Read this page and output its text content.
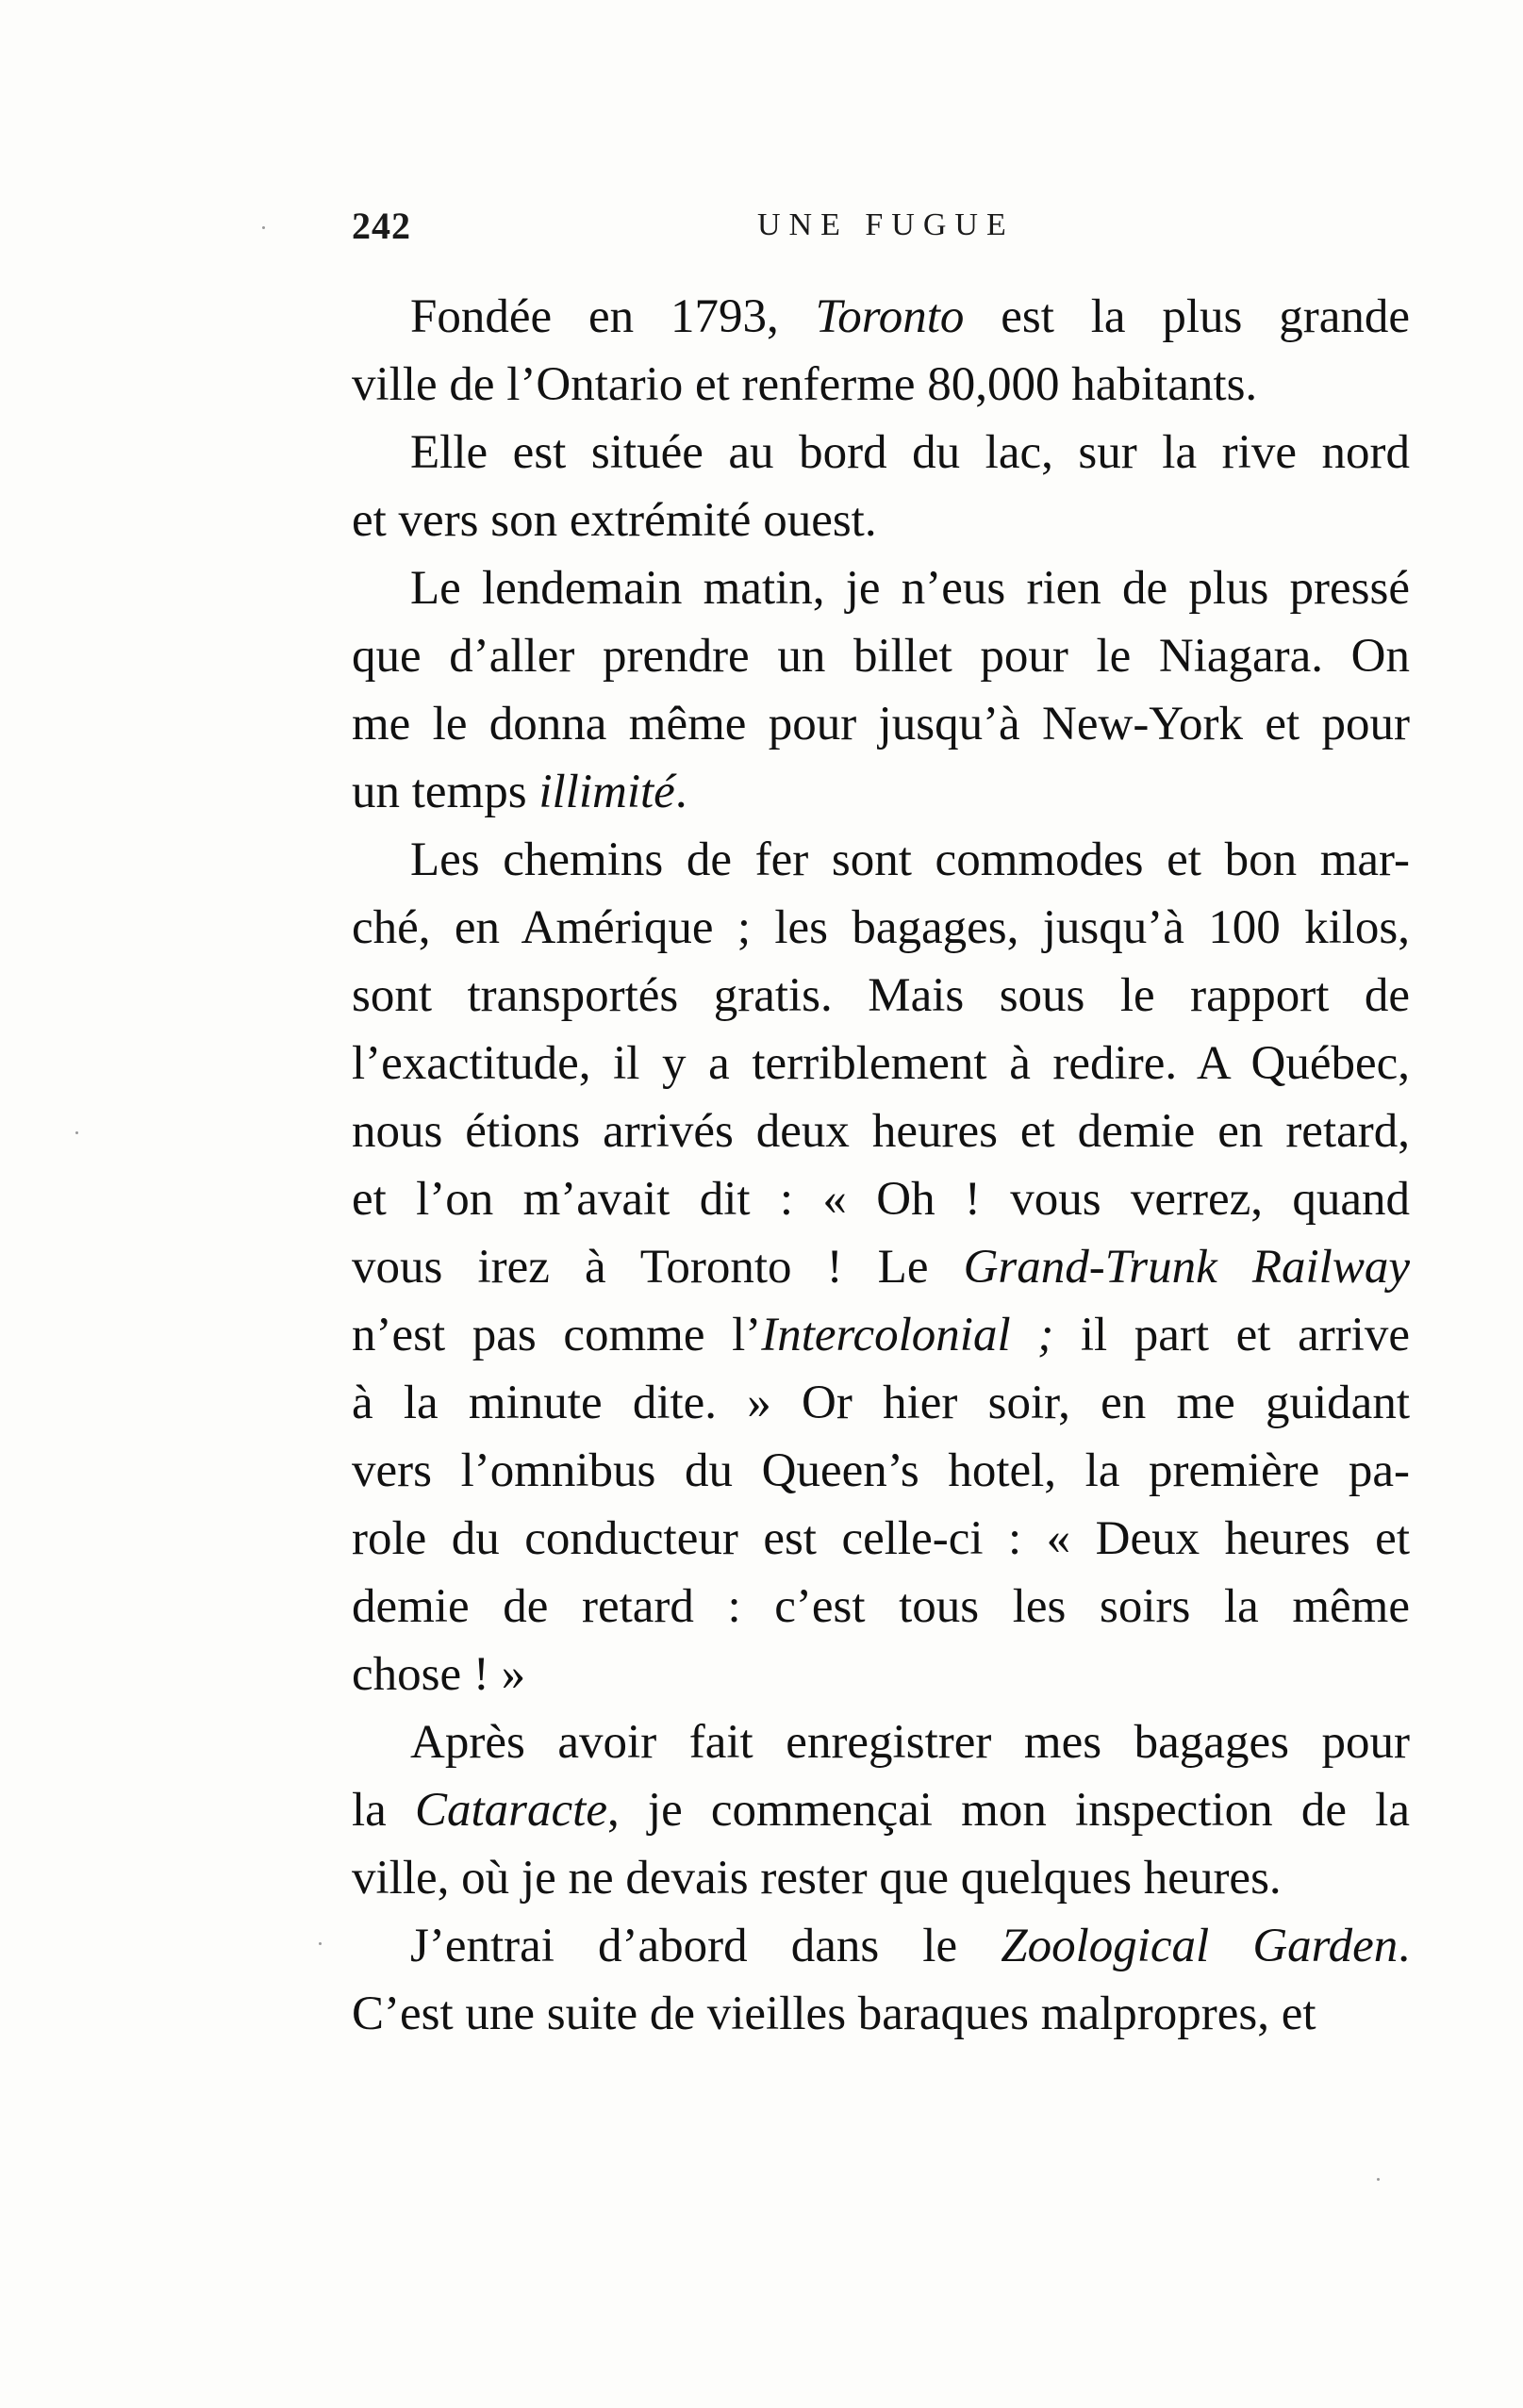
242	UNE FUGUE

Fondée en 1793, Toronto est la plus grande
ville de l’Ontario et renferme 80,000 habitants.

Elle est située au bord du lac, sur la rive nord
et vers son extrémité ouest.

Le lendemain matin, je n’eus rien de plus pressé
que d’aller prendre un billet pour le Niagara. On
me le donna même pour jusqu’à New-York et pour
un temps illimité.

Les chemins de fer sont commodes et bon mar-
ché, en Amérique ; les bagages, jusqu’à 100 kilos,
sont transportés gratis. Mais sous le rapport de
l’exactitude, il y a terriblement à redire. A Québec,
nous étions arrivés deux heures et demie en retard,
et l’on m’avait dit : « Oh ! vous verrez, quand
vous irez à Toronto ! Le Grand-Trunk Railway
n’est pas comme l’Intercolonial ; il part et arrive
à la minute dite. » Or hier soir, en me guidant
vers l’omnibus du Queen’s hotel, la première pa-
role du conducteur est celle-ci : « Deux heures et
demie de retard : c’est tous les soirs la même
chose ! »

Après avoir fait enregistrer mes bagages pour
la Cataracte, je commençai mon inspection de la
ville, où je ne devais rester que quelques heures.

J’entrai d’abord dans le Zoological Garden.
C’est une suite de vieilles baraques malpropres, et
